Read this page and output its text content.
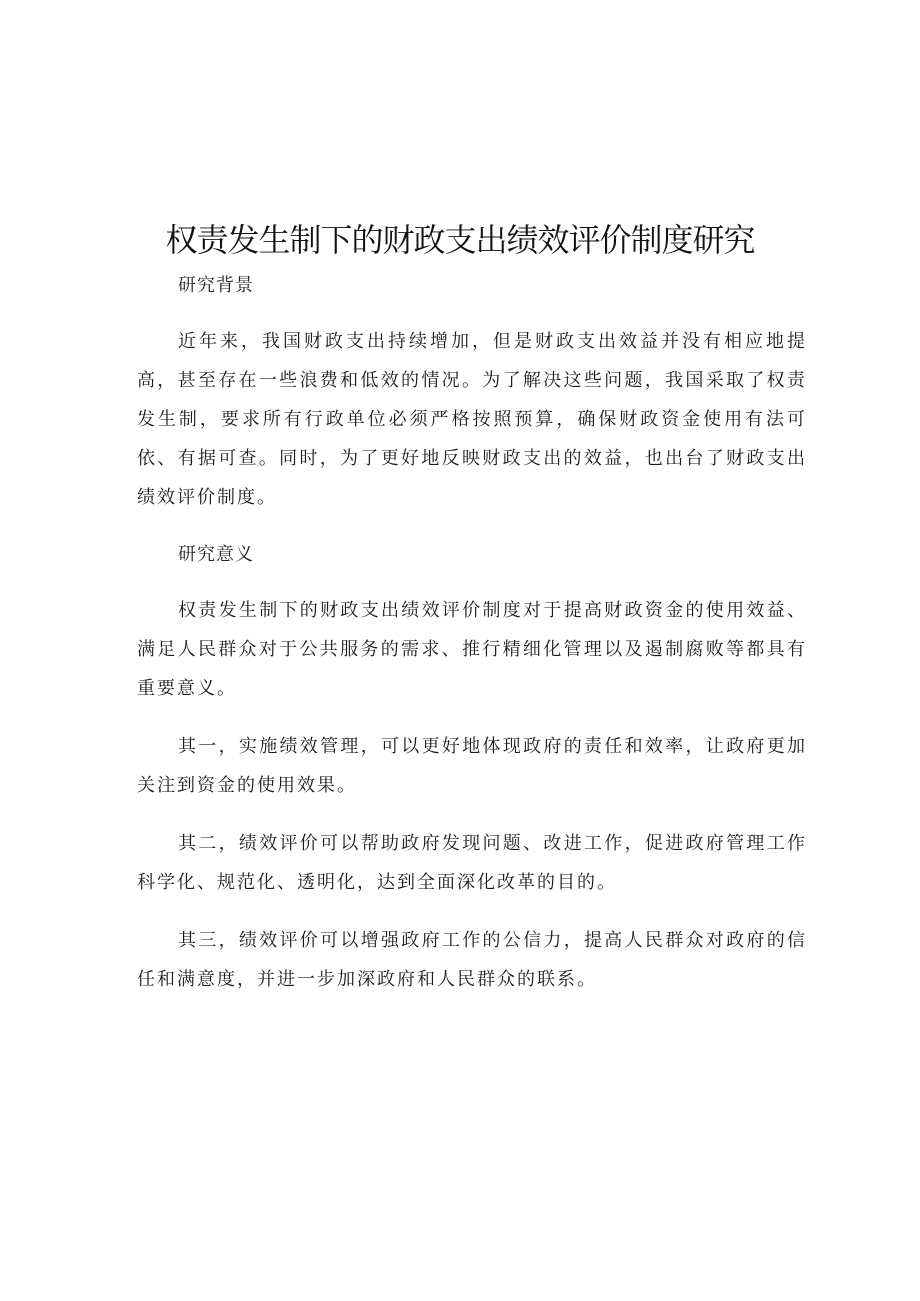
权责发生制下的财政支出绩效评价制度研究

研究背景

近年来，我国财政支出持续增加，但是财政支出效益并没有相应地提高，甚至存在一些浪费和低效的情况。为了解决这些问题，我国采取了权责发生制，要求所有行政单位必须严格按照预算，确保财政资金使用有法可依、有据可查。同时，为了更好地反映财政支出的效益，也出台了财政支出绩效评价制度。

研究意义

权责发生制下的财政支出绩效评价制度对于提高财政资金的使用效益、满足人民群众对于公共服务的需求、推行精细化管理以及遏制腐败等都具有重要意义。

其一，实施绩效管理，可以更好地体现政府的责任和效率，让政府更加关注到资金的使用效果。

其二，绩效评价可以帮助政府发现问题、改进工作，促进政府管理工作科学化、规范化、透明化，达到全面深化改革的目的。

其三，绩效评价可以增强政府工作的公信力，提高人民群众对政府的信任和满意度，并进一步加深政府和人民群众的联系。
